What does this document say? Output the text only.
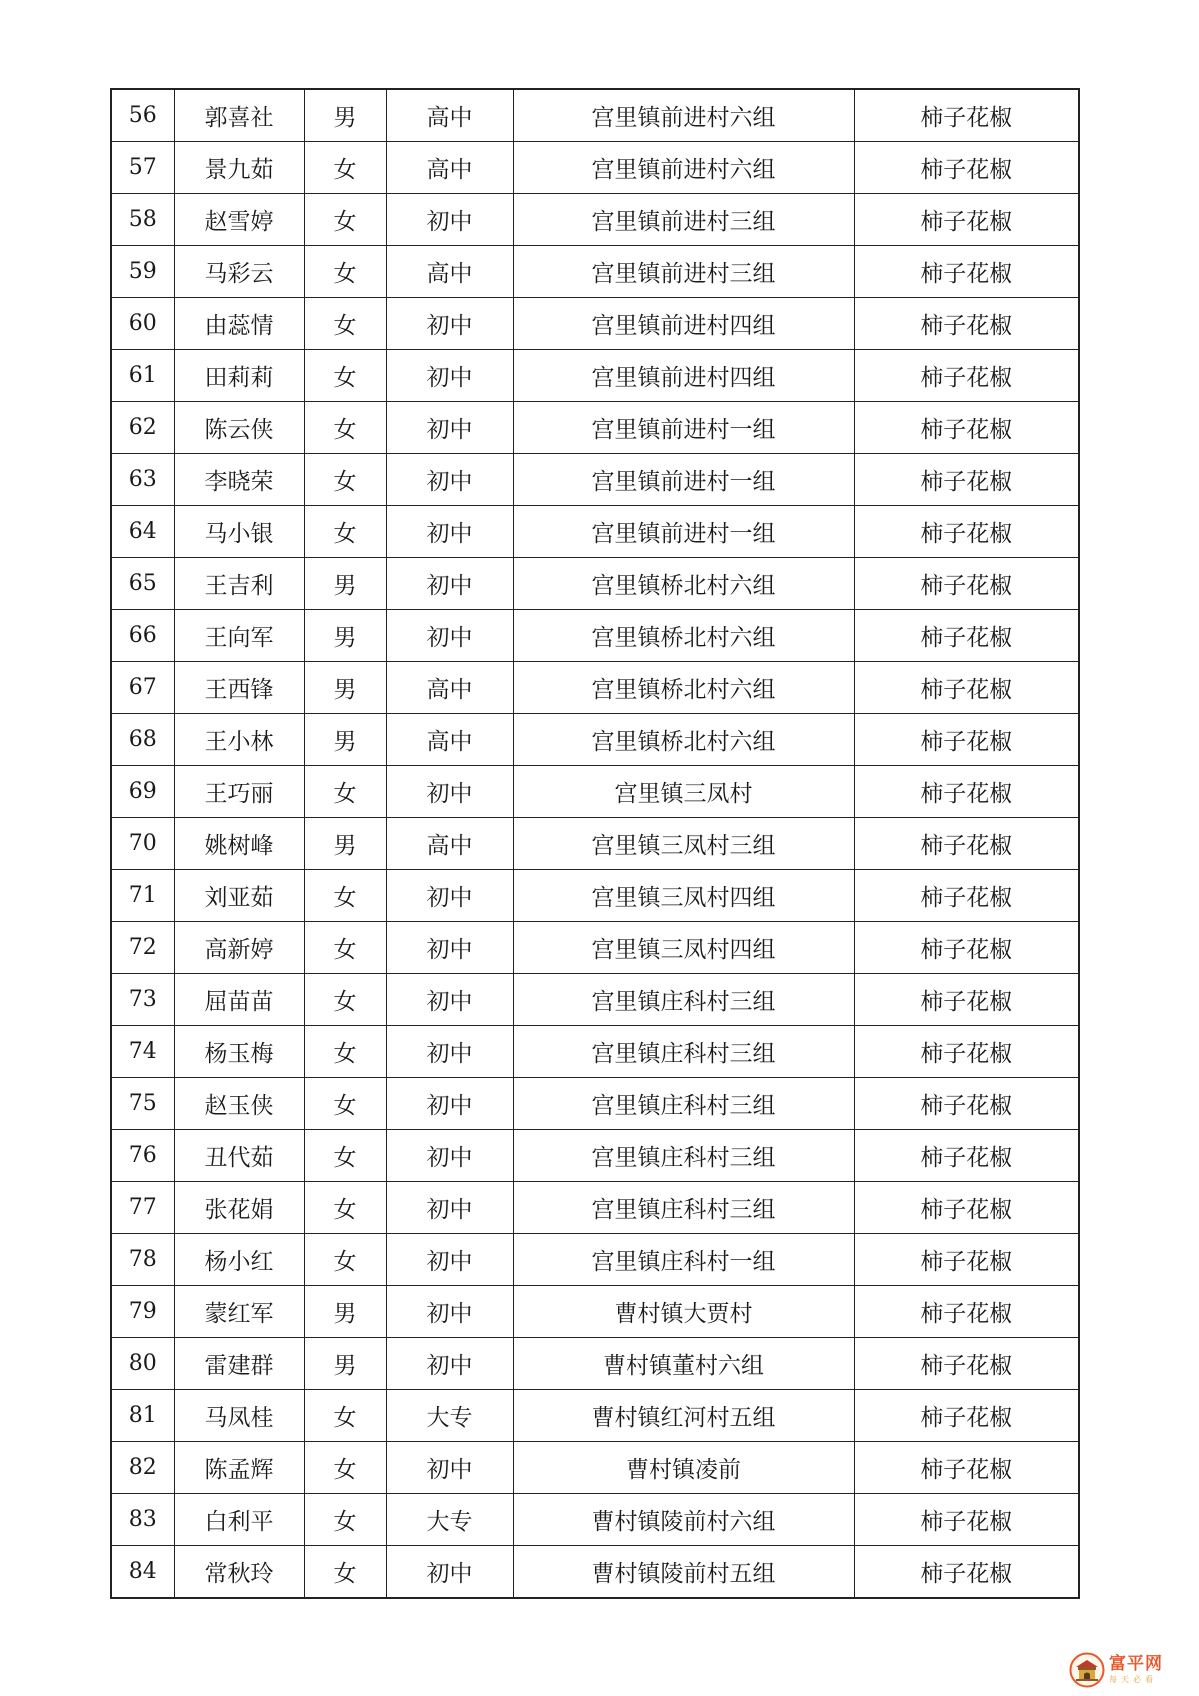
56	郭喜社	男	高中	宫里镇前进村六组	柿子花椒
57	景九茹	女	高中	宫里镇前进村六组	柿子花椒
58	赵雪婷	女	初中	宫里镇前进村三组	柿子花椒
59	马彩云	女	高中	宫里镇前进村三组	柿子花椒
60	由蕊情	女	初中	宫里镇前进村四组	柿子花椒
61	田莉莉	女	初中	宫里镇前进村四组	柿子花椒
62	陈云侠	女	初中	宫里镇前进村一组	柿子花椒
63	李晓荣	女	初中	宫里镇前进村一组	柿子花椒
64	马小银	女	初中	宫里镇前进村一组	柿子花椒
65	王吉利	男	初中	宫里镇桥北村六组	柿子花椒
66	王向军	男	初中	宫里镇桥北村六组	柿子花椒
67	王西锋	男	高中	宫里镇桥北村六组	柿子花椒
68	王小林	男	高中	宫里镇桥北村六组	柿子花椒
69	王巧丽	女	初中	宫里镇三凤村	柿子花椒
70	姚树峰	男	高中	宫里镇三凤村三组	柿子花椒
71	刘亚茹	女	初中	宫里镇三凤村四组	柿子花椒
72	高新婷	女	初中	宫里镇三凤村四组	柿子花椒
73	屈苗苗	女	初中	宫里镇庄科村三组	柿子花椒
74	杨玉梅	女	初中	宫里镇庄科村三组	柿子花椒
75	赵玉侠	女	初中	宫里镇庄科村三组	柿子花椒
76	丑代茹	女	初中	宫里镇庄科村三组	柿子花椒
77	张花娟	女	初中	宫里镇庄科村三组	柿子花椒
78	杨小红	女	初中	宫里镇庄科村一组	柿子花椒
79	蒙红军	男	初中	曹村镇大贾村	柿子花椒
80	雷建群	男	初中	曹村镇董村六组	柿子花椒
81	马凤桂	女	大专	曹村镇红河村五组	柿子花椒
82	陈孟辉	女	初中	曹村镇凌前	柿子花椒
83	白利平	女	大专	曹村镇陵前村六组	柿子花椒
84	常秋玲	女	初中	曹村镇陵前村五组	柿子花椒
富平网
每天必看
